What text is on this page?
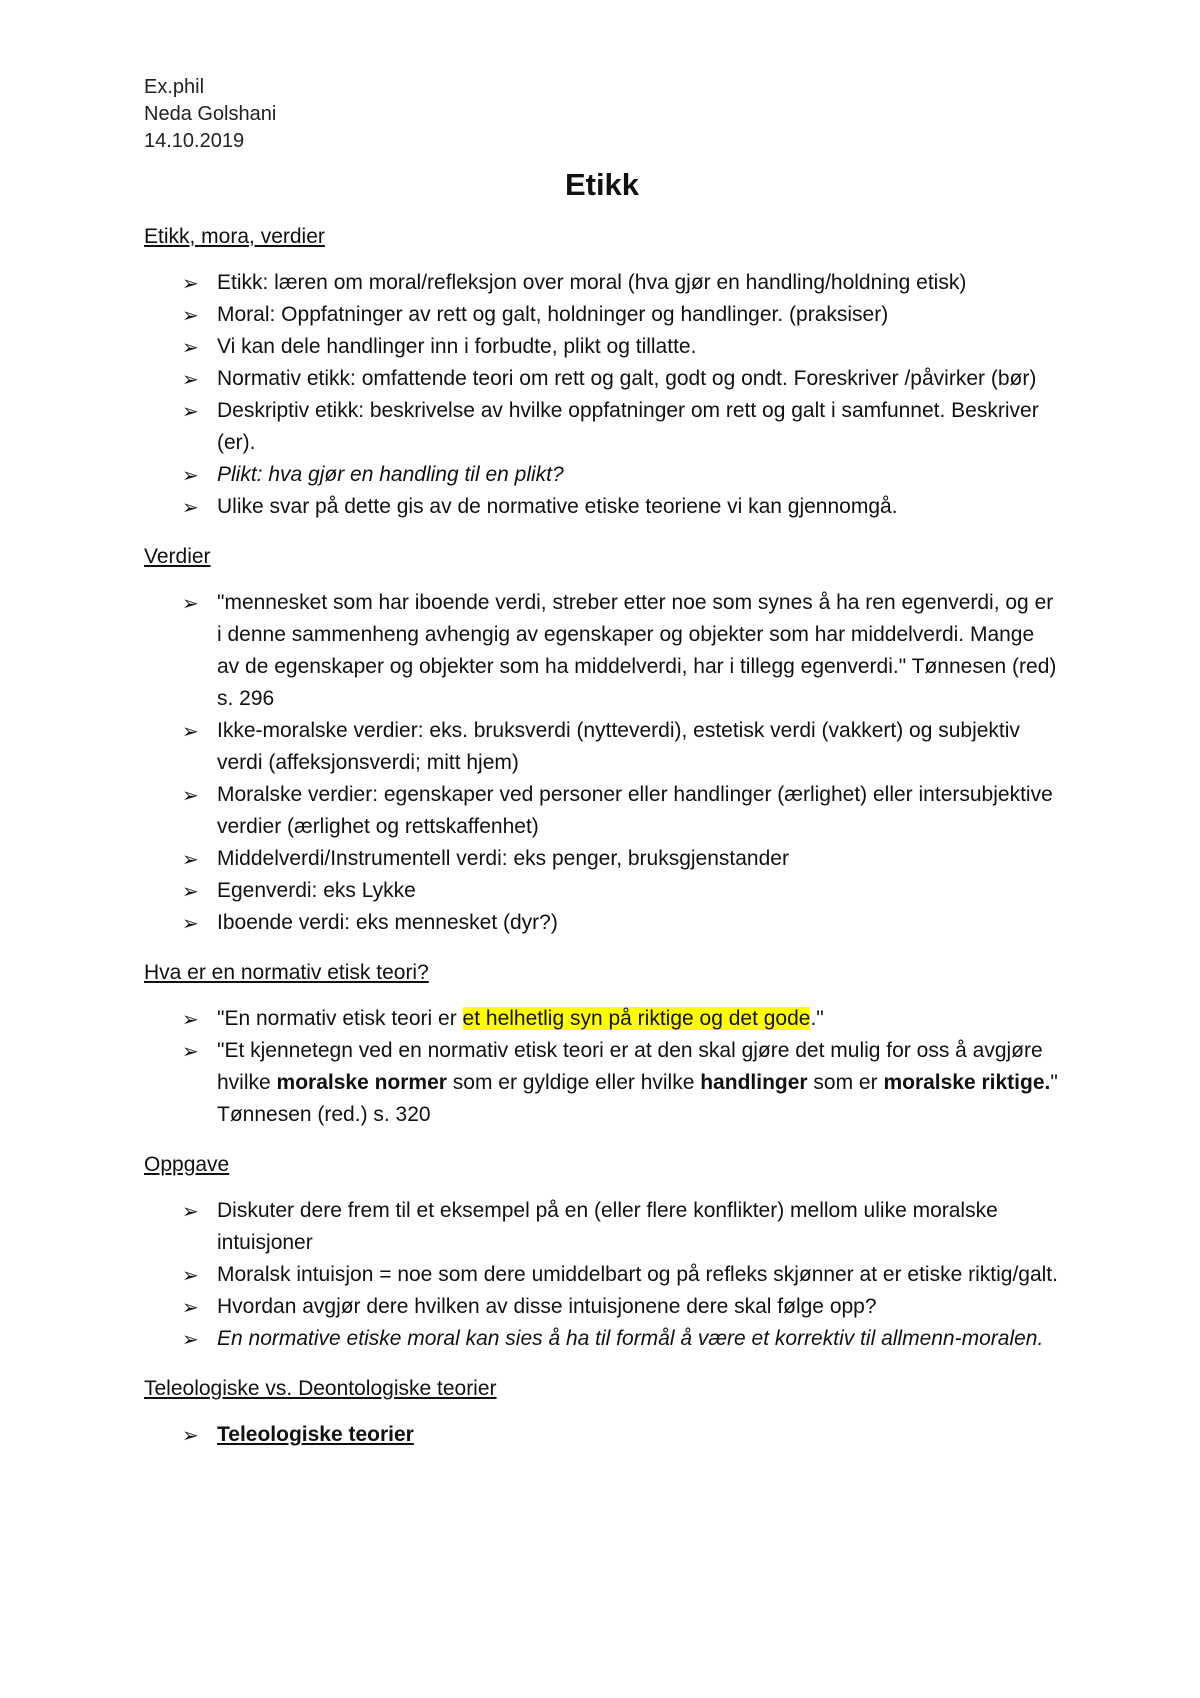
Ex.phil
Neda Golshani
14.10.2019
Etikk
Etikk, mora, verdier
➢ Etikk: læren om moral/refleksjon over moral (hva gjør en handling/holdning etisk)
➢ Moral: Oppfatninger av rett og galt, holdninger og handlinger. (praksiser)
➢ Vi kan dele handlinger inn i forbudte, plikt og tillatte.
➢ Normativ etikk: omfattende teori om rett og galt, godt og ondt. Foreskriver /påvirker (bør)
➢ Deskriptiv etikk: beskrivelse av hvilke oppfatninger om rett og galt i samfunnet. Beskriver (er).
➢ Plikt: hva gjør en handling til en plikt?
➢ Ulike svar på dette gis av de normative etiske teoriene vi kan gjennomgå.
Verdier
➢ "mennesket som har iboende verdi, streber etter noe som synes å ha ren egenverdi, og er i denne sammenheng avhengig av egenskaper og objekter som har middelverdi. Mange av de egenskaper og objekter som ha middelverdi, har i tillegg egenverdi." Tønnesen (red) s. 296
➢ Ikke-moralske verdier: eks. bruksverdi (nytteverdi), estetisk verdi (vakkert) og subjektiv verdi (affeksjonsverdi; mitt hjem)
➢ Moralske verdier: egenskaper ved personer eller handlinger (ærlighet) eller intersubjektive verdier (ærlighet og rettskaffenhet)
➢ Middelverdi/Instrumentell verdi: eks penger, bruksgjenstander
➢ Egenverdi: eks Lykke
➢ Iboende verdi: eks mennesket (dyr?)
Hva er en normativ etisk teori?
➢ "En normativ etisk teori er et helhetlig syn på riktige og det gode."
➢ "Et kjennetegn ved en normativ etisk teori er at den skal gjøre det mulig for oss å avgjøre hvilke moralske normer som er gyldige eller hvilke handlinger som er moralske riktige." Tønnesen (red.) s. 320
Oppgave
➢ Diskuter dere frem til et eksempel på en (eller flere konflikter) mellom ulike moralske intuisjoner
➢ Moralsk intuisjon = noe som dere umiddelbart og på refleks skjønner at er etiske riktig/galt.
➢ Hvordan avgjør dere hvilken av disse intuisjonene dere skal følge opp?
➢ En normative etiske moral kan sies å ha til formål å være et korrektiv til allmenn-moralen.
Teleologiske vs. Deontologiske teorier
➢ Teleologiske teorier
